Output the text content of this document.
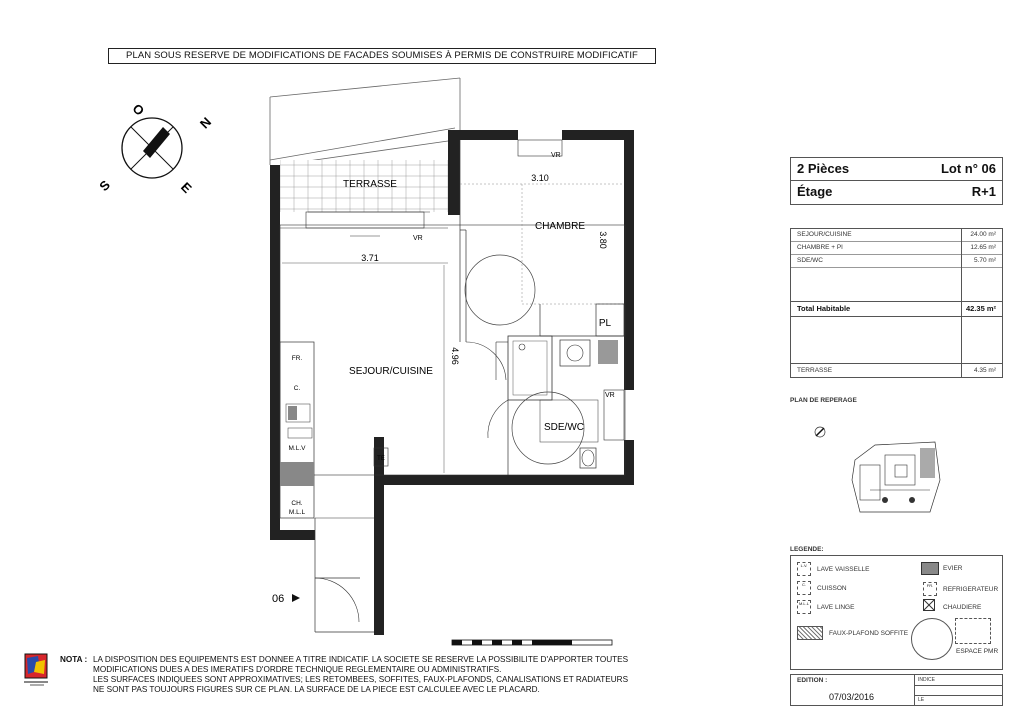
PLAN SOUS RESERVE DE MODIFICATIONS DE FACADES SOUMISES À PERMIS DE CONSTRUIRE MODIFICATIF
N
O
E
S	TERRASSE
VR
VR
3.10
CHAMBRE
3.80
PL
SDE/WC
VR
3.71
4.96
SEJOUR/CUISINE
FR.
C.
M.L.V
CH.
M.L.L
TE
06
2 Pièces	Lot n° 06
Étage	R+1
SEJOUR/CUISINE	24.00 m²
CHAMBRE + Pl	12.65 m²
SDE/WC	5.70 m²
Total Habitable	42.35 m²
TERRASSE	4.35 m²
PLAN DE REPERAGE
LEGENDE:
L.V.
LAVE VAISSELLE
C.
CUISSON
M.L.L
LAVE LINGE
EVIER
FR.
REFRIGERATEUR
CHAUDIERE
FAUX-PLAFOND SOFFITE
ESPACE PMR
EDITION :
07/03/2016
INDICE
LE
NOTA : LA DISPOSITION DES EQUIPEMENTS EST DONNEE A TITRE INDICATIF. LA SOCIETE SE RESERVE LA POSSIBILITE D'APPORTER TOUTES
MODIFICATIONS DUES A DES IMERATIFS D'ORDRE TECHNIQUE REGLEMENTAIRE OU ADMINISTRATIFS.
LES SURFACES INDIQUEES SONT APPROXIMATIVES; LES RETOMBEES, SOFFITES, FAUX-PLAFONDS, CANALISATIONS ET RADIATEURS
NE SONT PAS TOUJOURS FIGURES SUR CE PLAN. LA SURFACE DE LA PIECE EST CALCULEE AVEC LE PLACARD.
